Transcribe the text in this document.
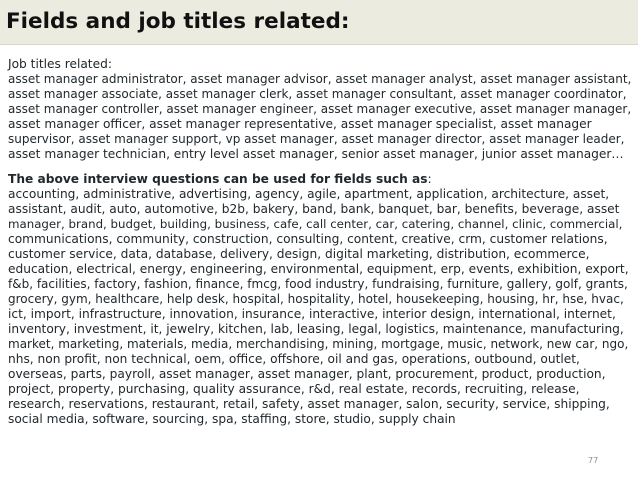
Fields and job titles related:
Job titles related:

asset manager administrator, asset manager advisor, asset manager analyst, asset manager assistant,
asset manager associate, asset manager clerk, asset manager consultant, asset manager coordinator,
asset manager controller, asset manager engineer, asset manager executive, asset manager manager,
asset manager officer, asset manager representative, asset manager specialist, asset manager
supervisor, asset manager support, vp asset manager, asset manager director, asset manager leader,
asset manager technician, entry level asset manager, senior asset manager, junior asset manager…

The above interview questions can be used for fields such as:

accounting, administrative, advertising, agency, agile, apartment, application, architecture, asset,
assistant, audit, auto, automotive, b2b, bakery, band, bank, banquet, bar, benefits, beverage, asset
manager, brand, budget, building, business, cafe, call center, car, catering, channel, clinic, commercial,
communications, community, construction, consulting, content, creative, crm, customer relations,
customer service, data, database, delivery, design, digital marketing, distribution, ecommerce,
education, electrical, energy, engineering, environmental, equipment, erp, events, exhibition, export,
f&b, facilities, factory, fashion, finance, fmcg, food industry, fundraising, furniture, gallery, golf, grants,
grocery, gym, healthcare, help desk, hospital, hospitality, hotel, housekeeping, housing, hr, hse, hvac,
ict, import, infrastructure, innovation, insurance, interactive, interior design, international, internet,
inventory, investment, it, jewelry, kitchen, lab, leasing, legal, logistics, maintenance, manufacturing,
market, marketing, materials, media, merchandising, mining, mortgage, music, network, new car, ngo,
nhs, non profit, non technical, oem, office, offshore, oil and gas, operations, outbound, outlet,
overseas, parts, payroll, asset manager, asset manager, plant, procurement, product, production,
project, property, purchasing, quality assurance, r&d, real estate, records, recruiting, release,
research, reservations, restaurant, retail, safety, asset manager, salon, security, service, shipping,
social media, software, sourcing, spa, staffing, store, studio, supply chain

77
